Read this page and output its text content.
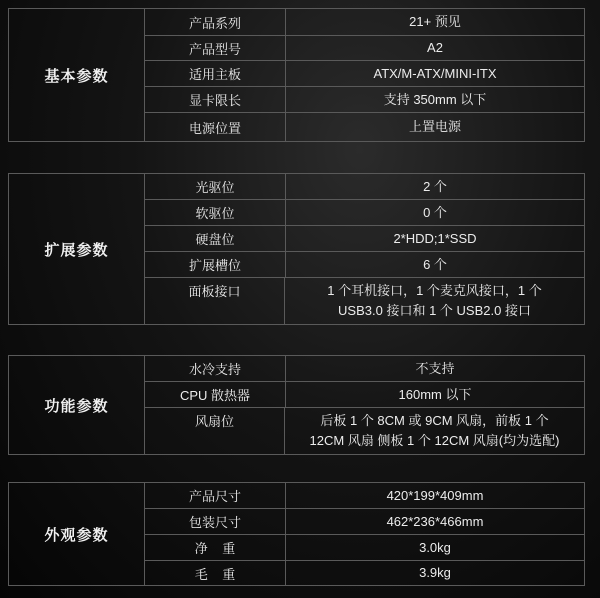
基本参数
产品系列	21+ 预见
产品型号	A2
适用主板	ATX/M-ATX/MINI-ITX
显卡限长	支持 350mm 以下
电源位置	上置电源
扩展参数
光驱位	2 个
软驱位	0 个
硬盘位	2*HDD;1*SSD
扩展槽位	6 个
面板接口	1 个耳机接口，1 个麦克风接口，1 个
USB3.0 接口和 1 个 USB2.0 接口
功能参数
水冷支持	不支持
CPU 散热器	160mm 以下
风扇位	后板 1 个 8CM 或 9CM 风扇，前板 1 个
12CM 风扇 侧板 1 个 12CM 风扇(均为选配)
外观参数
产品尺寸	420*199*409mm
包装尺寸	462*236*466mm
净    重	3.0kg
毛    重	3.9kg
